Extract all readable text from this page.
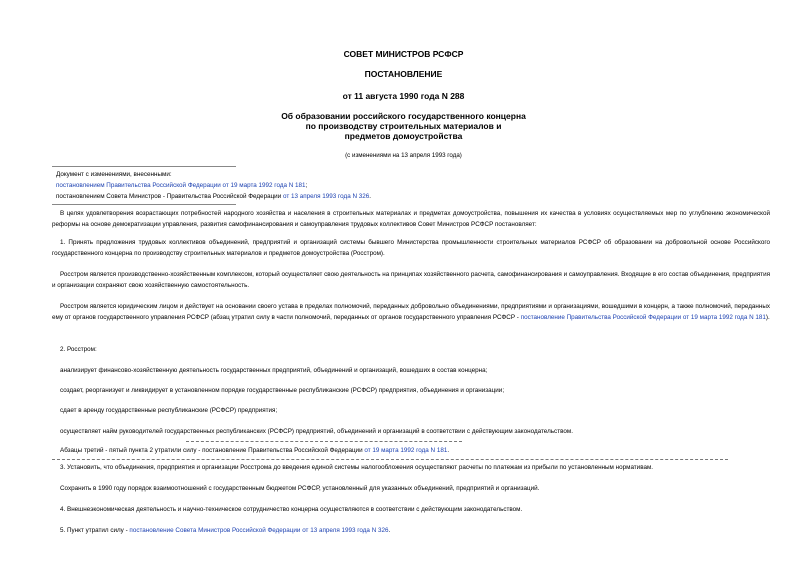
СОВЕТ МИНИСТРОВ РСФСР
ПОСТАНОВЛЕНИЕ
от 11 августа 1990 года N 288
Об образовании российского государственного концерна
по производству строительных материалов и
предметов домоустройства
(с изменениями на 13 апреля 1993 года)
Документ с изменениями, внесенными:
постановлением Правительства Российской Федерации от 19 марта 1992 года N 181;
постановлением Совета Министров - Правительства Российской Федерации от 13 апреля 1993 года N 326.
В целях удовлетворения возрастающих потребностей народного хозяйства и населения в строительных материалах и предметах домоустройства, повышения их качества в условиях осуществляемых мер по углублению экономической реформы на основе демократизации управления, развития самофинансирования и самоуправления трудовых коллективов Совет Министров РСФСР постановляет:
1. Принять предложения трудовых коллективов объединений, предприятий и организаций системы бывшего Министерства промышленности строительных материалов РСФСР об образовании на добровольной основе Российского государственного концерна по производству строительных материалов и предметов домоустройства (Росстром).
Росстром является производственно-хозяйственным комплексом, который осуществляет свою деятельность на принципах хозяйственного расчета, самофинансирования и самоуправления. Входящие в его состав объединения, предприятия и организации сохраняют свою хозяйственную самостоятельность.
Росстром является юридическим лицом и действует на основании своего устава в пределах полномочий, переданных добровольно объединениями, предприятиями и организациями, вошедшими в концерн, а также полномочий, переданных ему от органов государственного управления РСФСР (абзац утратил силу в части полномочий, переданных от органов государственного управления РСФСР - постановление Правительства Российской Федерации от 19 марта 1992 года N 181).
2. Росстром:
анализирует финансово-хозяйственную деятельность государственных предприятий, объединений и организаций, вошедших в состав концерна;
создает, реорганизует и ликвидирует в установленном порядке государственные республиканские (РСФСР) предприятия, объединения и организации;
сдает в аренду государственные республиканские (РСФСР) предприятия;
осуществляет найм руководителей государственных республиканских (РСФСР) предприятий, объединений и организаций в соответствии с действующим законодательством.
Абзацы третий - пятый пункта 2 утратили силу - постановление Правительства Российской Федерации от 19 марта 1992 года N 181.
3. Установить, что объединения, предприятия и организации Росстрома до введения единой системы налогообложения осуществляют расчеты по платежам из прибыли по установленным нормативам.
Сохранить в 1990 году порядок взаимоотношений с государственным бюджетом РСФСР, установленный для указанных объединений, предприятий и организаций.
4. Внешнеэкономическая деятельность и научно-техническое сотрудничество концерна осуществляются в соответствии с действующим законодательством.
5. Пункт утратил силу - постановление Совета Министров Российской Федерации от 13 апреля 1993 года N 326.
